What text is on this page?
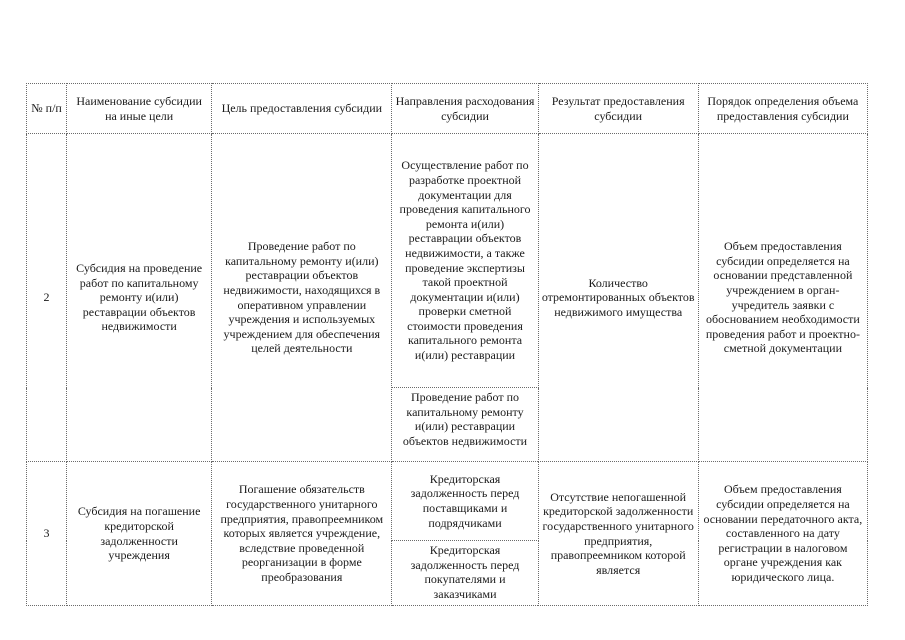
№ п/п	Наименование субсидии на иные цели	Цель предоставления субсидии	Направления расходования субсидии	Результат предоставления субсидии	Порядок определения объема предоставления субсидии
2	Субсидия на проведение работ по капитальному ремонту и(или) реставрации объектов недвижимости	Проведение работ по капитальному ремонту и(или) реставрации объектов недвижимости, находящихся в оперативном управлении учреждения и используемых учреждением для обеспечения целей деятельности	Осуществление работ по разработке проектной документации для проведения капитального ремонта и(или) реставрации объектов недвижимости, а также проведение экспертизы такой проектной документации и(или) проверки сметной стоимости проведения капитального ремонта и(или) реставрации	Количество отремонтированных объектов недвижимого имущества	Объем предоставления субсидии определяется на основании представленной учреждением в орган-учредитель заявки с обоснованием необходимости проведения работ и проектно-сметной документации
			Проведение работ по капитальному ремонту и(или) реставрации объектов недвижимости		
3	Субсидия на погашение кредиторской задолженности учреждения	Погашение обязательств государственного унитарного предприятия, правопреемником которых является учреждение, вследствие проведенной реорганизации в форме преобразования	Кредиторская задолженность перед поставщиками и подрядчиками	Отсутствие непогашенной кредиторской задолженности государственного унитарного предприятия, правопреемником которой является	Объем предоставления субсидии определяется на основании передаточного акта, составленного на дату регистрации в налоговом органе учреждения как юридического лица.
			Кредиторская задолженность перед покупателями и заказчиками		
